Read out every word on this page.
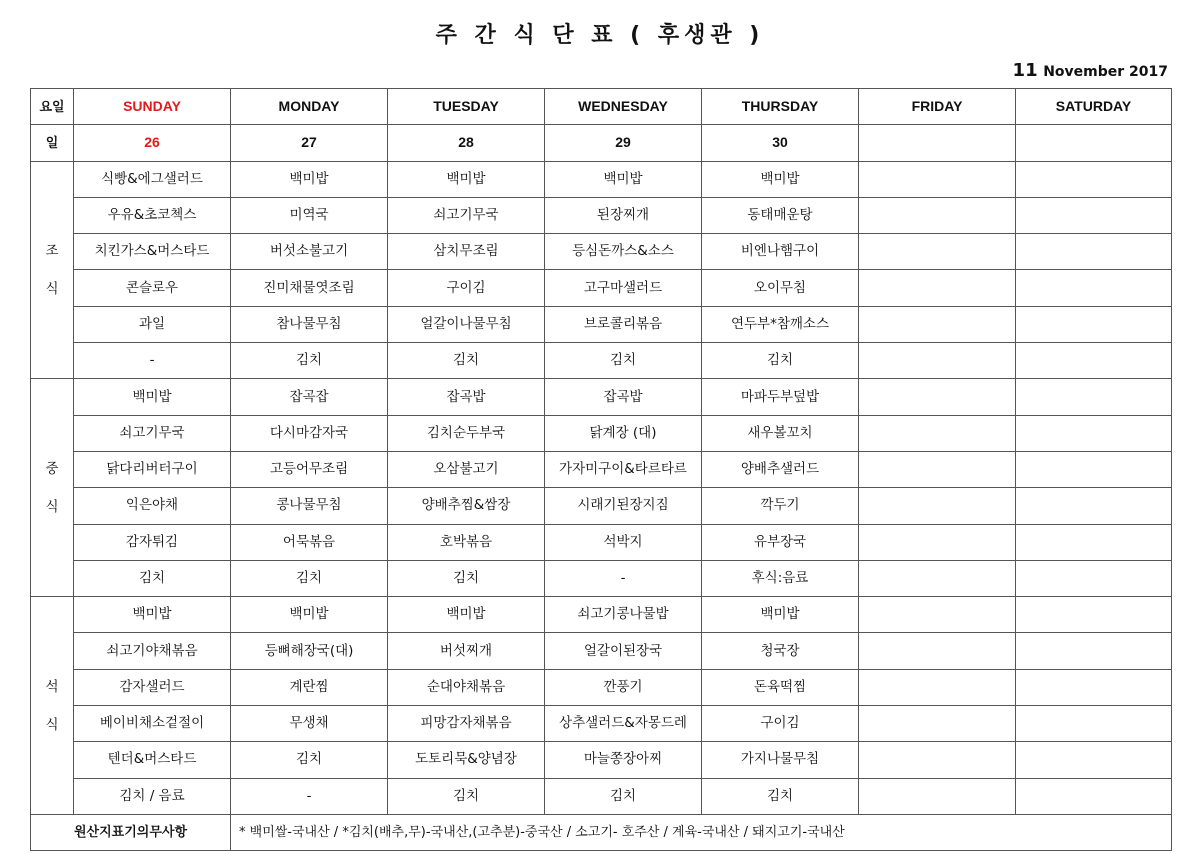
주 간 식 단 표 ( 후생관 )
11 November 2017
요일	SUNDAY	MONDAY	TUESDAY	WEDNESDAY	THURSDAY	FRIDAY	SATURDAY
일	26	27	28	29	30		

조
식	식빵&에그샐러드	백미밥	백미밥	백미밥	백미밥		
	우유&초코첵스	미역국	쇠고기무국	된장찌개	동태매운탕		
	치킨가스&머스타드	버섯소불고기	삼치무조림	등심돈까스&소스	비엔나햄구이		
	콘슬로우	진미채물엿조림	구이김	고구마샐러드	오이무침		
	과일	참나물무침	얼갈이나물무침	브로콜리볶음	연두부*참깨소스		
	-	김치	김치	김치	김치		

중
식	백미밥	잡곡잡	잡곡밥	잡곡밥	마파두부덮밥		
	쇠고기무국	다시마감자국	김치순두부국	닭계장 (대)	새우볼꼬치		
	닭다리버터구이	고등어무조림	오삼불고기	가자미구이&타르타르	양배추샐러드		
	익은야채	콩나물무침	양배추찜&쌈장	시래기된장지짐	깍두기		
	감자튀김	어묵볶음	호박볶음	석박지	유부장국		
	김치	김치	김치	-	후식:음료		

석
식	백미밥	백미밥	백미밥	쇠고기콩나물밥	백미밥		
	쇠고기야채볶음	등뼈해장국(대)	버섯찌개	얼갈이된장국	청국장		
	감자샐러드	계란찜	순대야채볶음	깐풍기	돈육떡찜		
	베이비채소겉절이	무생채	피망감자채볶음	상추샐러드&자몽드레	구이김		
	텐더&머스타드	김치	도토리묵&양념장	마늘쫑장아찌	가지나물무침		
	김치 / 음료	-	김치	김치	김치		
원산지표기의무사항		* 백미쌀-국내산 / *김치(배추,무)-국내산,(고추분)-중국산 / 소고기- 호주산 / 계육-국내산 / 돼지고기-국내산					
